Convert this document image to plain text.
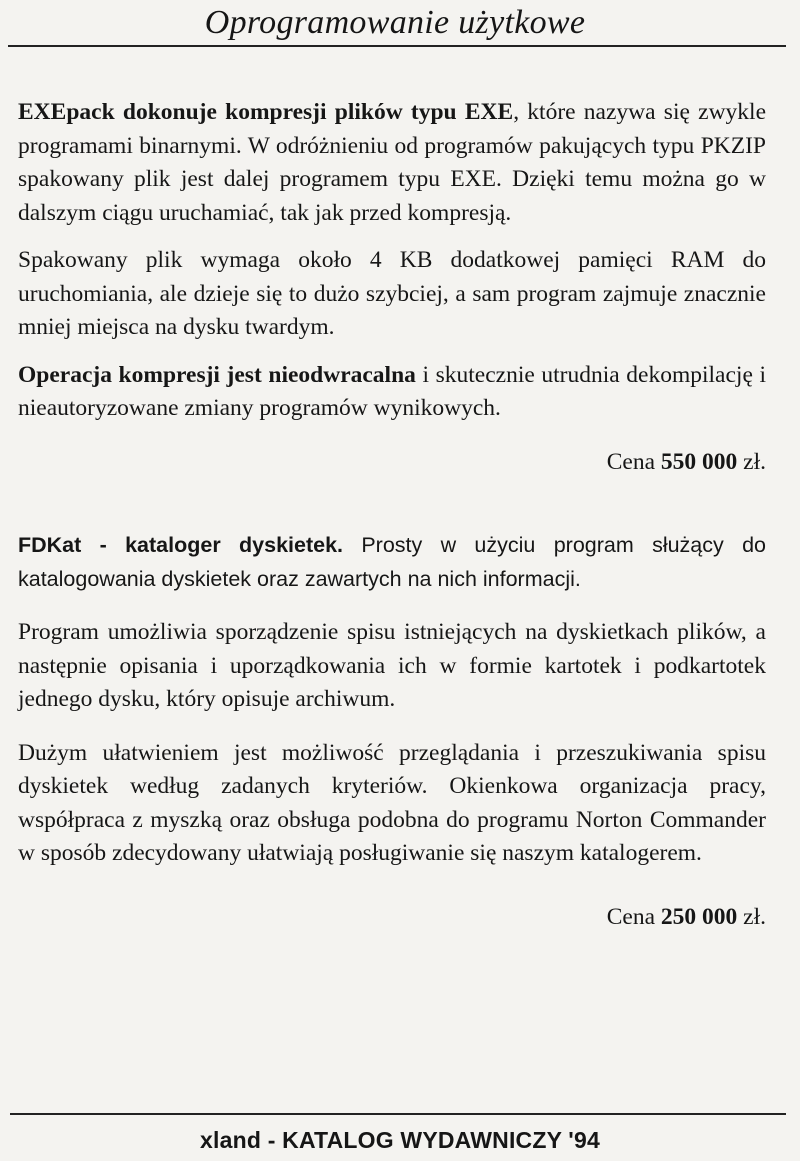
Oprogramowanie użytkowe

EXEpack dokonuje kompresji plików typu EXE, które nazywa się zwykle programami binarnymi. W odróżnieniu od programów pakujących typu PKZIP spakowany plik jest dalej programem typu EXE. Dzięki temu można go w dalszym ciągu uruchamiać, tak jak przed kompresją.

Spakowany plik wymaga około 4 KB dodatkowej pamięci RAM do uruchomiania, ale dzieje się to dużo szybciej, a sam program zajmuje znacznie mniej miejsca na dysku twardym.

Operacja kompresji jest nieodwracalna i skutecznie utrudnia dekompilację i nieautoryzowane zmiany programów wynikowych.

Cena 550 000 zł.

FDKat - kataloger dyskietek. Prosty w użyciu program służący do katalogowania dyskietek oraz zawartych na nich informacji.

Program umożliwia sporządzenie spisu istniejących na dyskietkach plików, a następnie opisania i uporządkowania ich w formie kartotek i podkartotek jednego dysku, który opisuje archiwum.

Dużym ułatwieniem jest możliwość przeglądania i przeszukiwania spisu dyskietek według zadanych kryteriów. Okienkowa organizacja pracy, współpraca z myszką oraz obsługa podobna do programu Norton Commander w sposób zdecydowany ułatwiają posługiwanie się naszym katalogerem.

Cena 250 000 zł.

xland - KATALOG WYDAWNICZY '94
